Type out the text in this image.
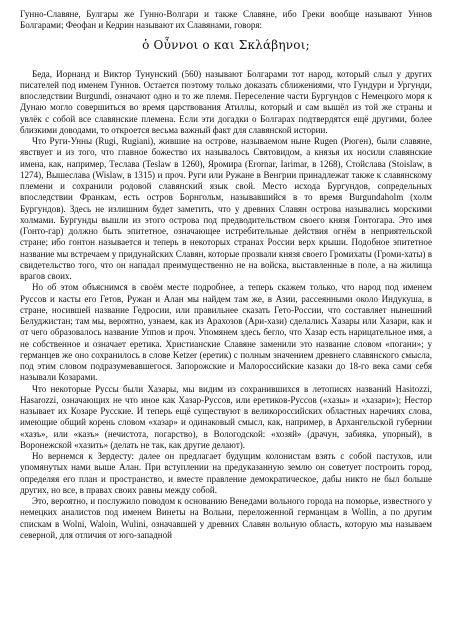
Гунно-Славяне, Булгары же Гунно-Волгари и также Славяне, ибо Греки вообще называют Уннов Болгарами; Феофан и Кедрин называют их Славянами, говоря:

ὁ Οὖννοι ο και Σκλάβηνοι;

Беда, Иорнанд и Виктор Тунунский (560) называют Болгарами тот народ, который слыл у других писателей под именем Гуннов. Остается поэтому только доказать сближениями, что Гундури и Ургунди, впоследствии Burgundi, означают одно и то же племя. Переселение части Бургундов с Немецкого моря к Дунаю могло совершиться во время царствования Атиллы, который и сам вышёл из той же страны и увлёк с собой все славянские племена. Если эти догадки о Болгарах подтвердятся ещё другими, более близкими доводами, то откроется весьма важный факт для славянской истории.

Что Руги-Унны (Rugi, Rugiani), жившие на острове, называемом ныне Rugen (Рюген), были славяне, явствует и из того, что главное божество их называлось Святовидом, а князья их носили славянские имена, как, например, Теслава (Teslaw в 1260), Яромира (Erornar, Iarimar, в 1268), Стойслава (Stoislaw, в 1274), Вышеслава (Wislaw, в 1315) и проч. Руги или Ружане в Венгрии принадлежат также к славянскому племени и сохранили родовой славянский язык свой. Место исхода Бургундов, сопредельных впоследствии Франкам, есть остров Борнгольм, называвшийся в то время Burgundaholm (холм Бургундов). Здесь не излишним будет заметить, что у древних Славян острова назывались морскими холмами. Бургунды вышли из этого острова под предводительством своего князя Гонтогара. Это имя (Гонто-гар) должно быть эпитетное, означающее истребительные действия огнём в неприятельской стране; ибо гонтон называется и теперь в некоторых странах России верх крыши. Подобное эпитетное название мы встречаем у придунайских Славян, которые прозвали князя своего Громихаты (Громи-хаты) в свидетельство того, что он нападал преимущественно не на войска, выставленные в поле, а на жилища врагов своих.

Но об этом объяснимся в своём месте подробнее, а теперь скажем только, что народ под именем Руссов и касты его Гетов, Ружан и Алан мы найдем там же, в Азии, рассеянными около Индукуша, в стране, носившей название Гедросии, или правильнее сказать Гето-России, что составляет нынешний Белуджистан; там мы, вероятно, узнаем, как из Арахозов (Ари-хази) сделались Хазары или Хазари, как и от чего образовалось название Уппов и проч. Упомянем здесь бегло, что Хазар есть нарицательное имя, а не собственное и означает еретика. Христианские Славяне заменили это название словом «погани»; у германцев же оно сохранилось в слове Ketzer (еретик) с полным значением древнего славянского смысла, под этим словом подразумевавшегося. Запорожские и Малороссийские казаки до 18-го века сами себя называли Козарами.

Что некоторые Руссы были Хазары, мы видим из сохранившихся в летописях названий Hasitozzi, Hasarozzi, означающих не что иное как Хазар-Руссов, или еретиков-Руссов («хазы» и «хазари»); Нестор называет их Козаре Русские. И теперь ещё существуют в великороссийских областных наречиях слова, имеющие общий корень словом «хазар» и одинаковый смысл, как, например, в Архангельской губернии «хазъ», или «казъ» (нечистота, погарство), в Вологодской: «хозяй» (драчун, забияка, упорный), в Воронежской «хазить» (делать не так, как другие делают).

Но вернемся к Зердесту: далее он предлагает будущим колонистам взять с собой пастухов, или упомянутых нами выше Алан. При вступлении на предуказанную землю он советует построить город, определяя его план и пространство, и вместе правление демократическое, дабы никто не был больше других, но все, в правах своих равны между собой.

Это, вероятно, и послужило поводом к основанию Венедами вольного города на поморье, известного у немецких аналистов под именем Винеты на Вольни, переложенной германцам в Wollin, а по другим спискам в Wolni, Waloin, Wulini, означавшей у древних Славян вольную область, которую мы называем северной, для отличия от юго-западной
